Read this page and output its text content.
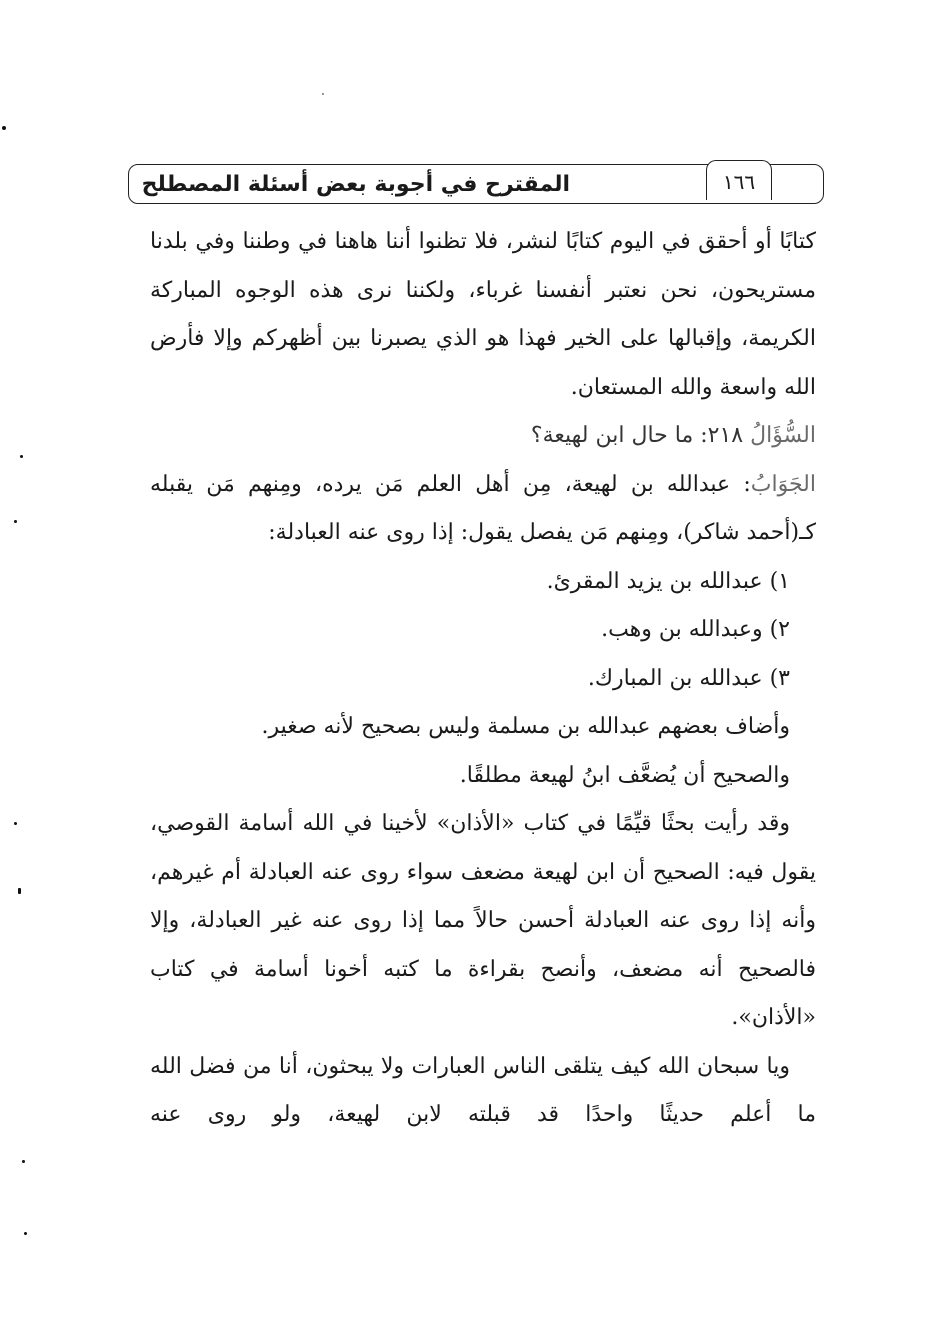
المقترح في أجوبة بعض أسئلة المصطلح	١٦٦

كتابًا أو أحقق في اليوم كتابًا لنشر، فلا تظنوا أننا هاهنا في وطننا وفي بلدنا مستريحون، نحن نعتبر أنفسنا غرباء، ولكننا نرى هذه الوجوه المباركة الكريمة، وإقبالها على الخير فهذا هو الذي يصبرنا بين أظهركم وإلا فأرض الله واسعة والله المستعان.

السُّؤَالُ ٢١٨: ما حال ابن لهيعة؟

الجَوَابُ: عبدالله بن لهيعة، مِن أهل العلم مَن يرده، ومِنهم مَن يقبله كـ(أحمد شاكر)، ومِنهم مَن يفصل يقول: إذا روى عنه العبادلة:

١) عبدالله بن يزيد المقرئ.

٢) وعبدالله بن وهب.

٣) عبدالله بن المبارك.

وأضاف بعضهم عبدالله بن مسلمة وليس بصحيح لأنه صغير.

والصحيح أن يُضعَّف ابنُ لهيعة مطلقًا.

وقد رأيت بحثًا قيِّمًا في كتاب «الأذان» لأخينا في الله أسامة القوصي، يقول فيه: الصحيح أن ابن لهيعة مضعف سواء روى عنه العبادلة أم غيرهم، وأنه إذا روى عنه العبادلة أحسن حالاً مما إذا روى عنه غير العبادلة، وإلا فالصحيح أنه مضعف، وأنصح بقراءة ما كتبه أخونا أسامة في كتاب «الأذان».

ويا سبحان الله كيف يتلقى الناس العبارات ولا يبحثون، أنا من فضل الله ما أعلم حديثًا واحدًا قد قبلته لابن لهيعة، ولو روى عنه
